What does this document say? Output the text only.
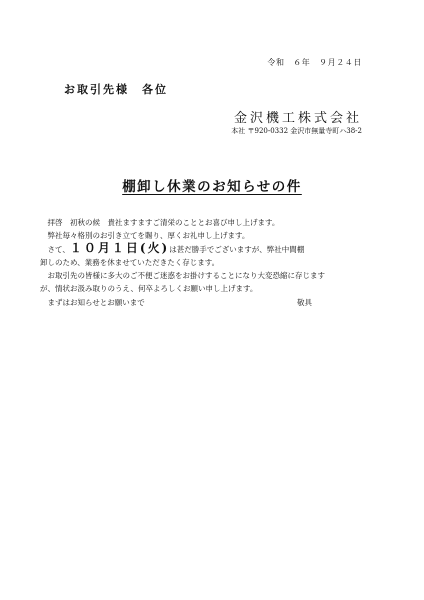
令和　６年　９月２４日
お取引先様　各位
金沢機工株式会社
本社 〒920-0332 金沢市無量寺町ハ38-2
棚卸し休業のお知らせの件

拝啓　初秋の候　貴社ますますご清栄のこととお喜び申し上げます。

弊社毎々格別のお引き立てを賜り、厚くお礼申し上げます。

さて、１０月１日(火)は甚だ勝手でございますが、弊社中間棚

卸しのため、業務を休ませていただきたく存じます。

お取引先の皆様に多大のご不便ご迷惑をお掛けすることになり大変恐縮に存じます

が、情状お汲み取りのうえ、何卒よろしくお願い申し上げます。

まずはお知らせとお願いまで	敬具
